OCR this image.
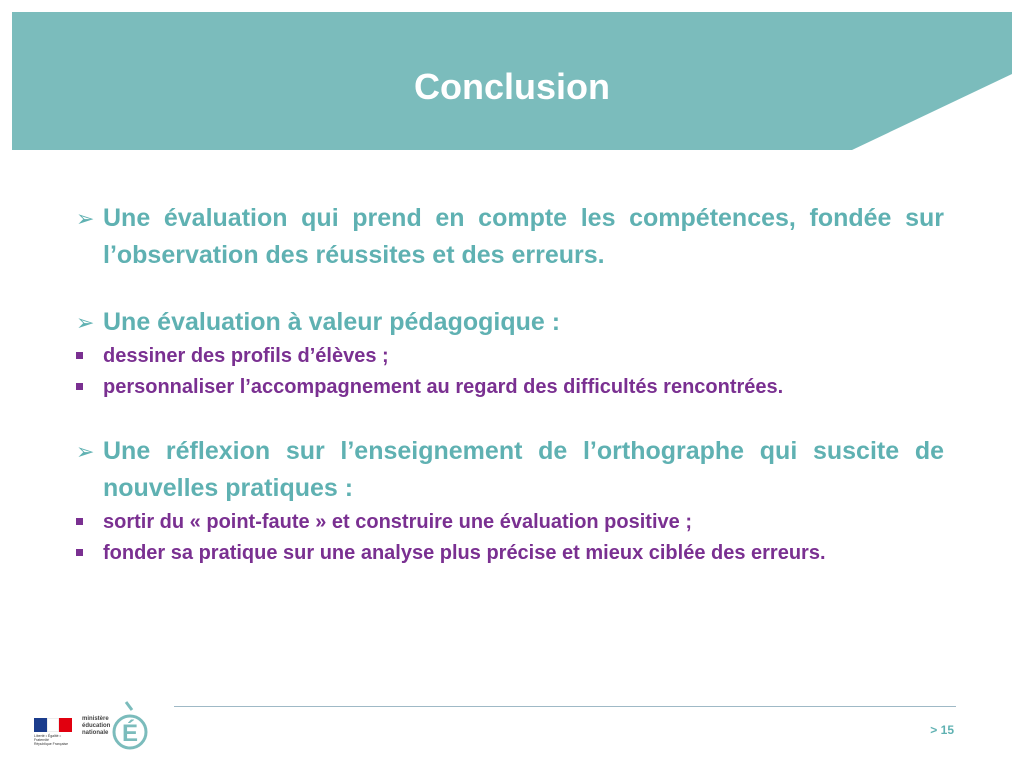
Conclusion
➢ Une évaluation qui prend en compte les compétences, fondée sur l’observation des réussites et des erreurs.
➢ Une évaluation à valeur pédagogique :
dessiner des profils d’élèves ;
personnaliser l’accompagnement au regard des difficultés rencontrées.
➢ Une réflexion sur l’enseignement de l’orthographe qui suscite de nouvelles pratiques :
sortir du « point-faute » et construire une évaluation positive ;
fonder sa pratique sur une analyse plus précise et mieux ciblée des erreurs.
Liberté • Égalité • Fraternité
République Française
ministère
éducation
nationale É	> 15
